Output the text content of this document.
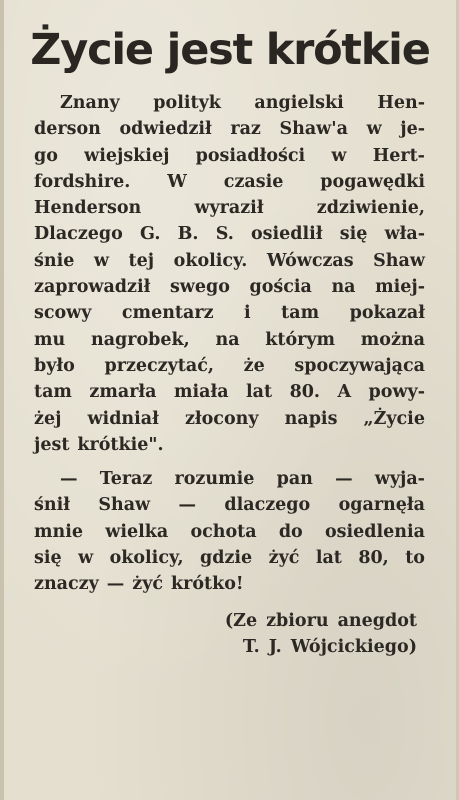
Życie jest krótkie
Znany polityk angielski Hen-
derson odwiedził raz Shaw'a w je-
go wiejskiej posiadłości w Hert-
fordshire. W czasie pogawędki
Henderson	wyraził	zdziwienie,
Dlaczego G. B. S. osiedlił się wła-
śnie w tej okolicy. Wówczas Shaw
zaprowadził swego gościa na miej-
scowy cmentarz i tam pokazał
mu nagrobek, na którym można
było przeczytać, że spoczywająca
tam zmarła miała lat 80. A powy-
żej widniał złocony napis „Życie
jest krótkie".
— Teraz rozumie pan — wyja-
śnił Shaw — dlaczego ogarnęła
mnie wielka ochota do osiedlenia
się w okolicy, gdzie żyć lat 80, to
znaczy — żyć krótko!
(Ze zbioru anegdot
T. J. Wójcickiego)
